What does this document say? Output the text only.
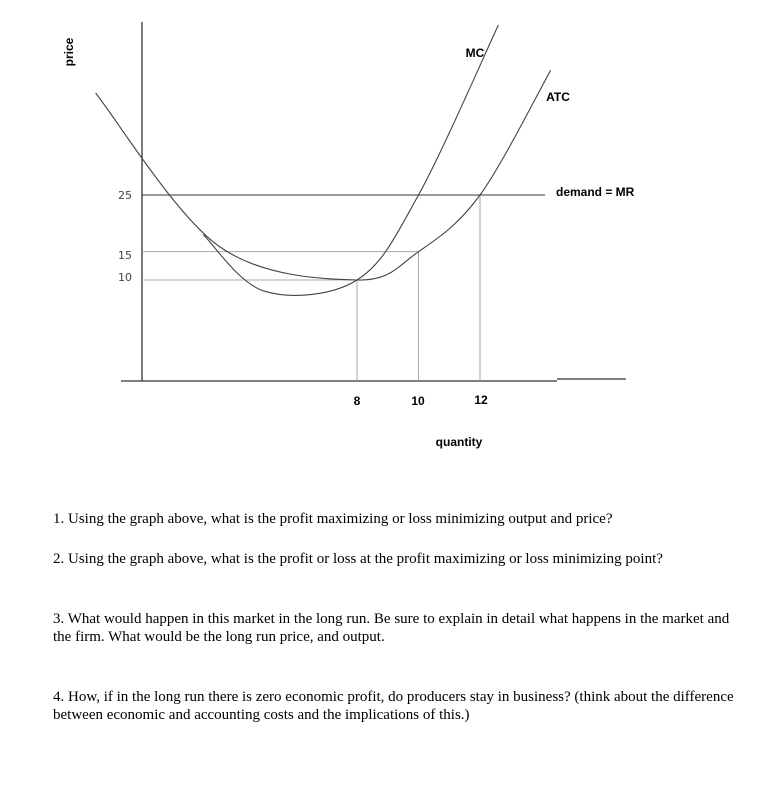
price
quantity
25
15
10
8	10	12
MC
ATC
demand = MR

1. Using the graph above, what is the profit maximizing or loss minimizing output and price?

2. Using the graph above, what is the profit or loss at the profit maximizing or loss minimizing point?

3. What would happen in this market in the long run. Be sure to explain in detail what happens in the market and the firm. What would be the long run price, and output.

4. How, if in the long run there is zero economic profit, do producers stay in business? (think about the difference between economic and accounting costs and the implications of this.)
